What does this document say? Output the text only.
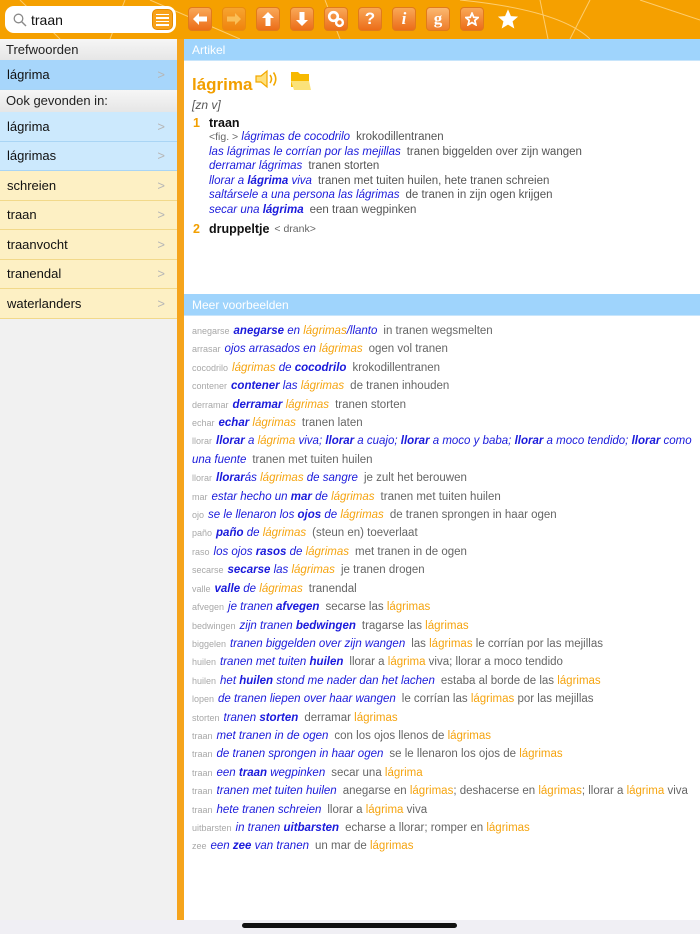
traan
? i g
Trefwoorden
lágrima	>
Ook gevonden in:
lágrima	>
lágrimas	>
schreien	>
traan	>
traanvocht	>
tranendal	>
waterlanders	>
Artikel
lágrima
[zn v]
1 traan
<fig. > lágrimas de cocodrilo krokodillentranen
las lágrimas le corrían por las mejillas tranen biggelden over zijn wangen
derramar lágrimas tranen storten
llorar a lágrima viva tranen met tuiten huilen, hete tranen schreien
saltársele a una persona las lágrimas de tranen in zijn ogen krijgen
secar una lágrima een traan wegpinken
2 druppeltje < drank>
Meer voorbeelden
anegarse anegarse en lágrimas/llanto in tranen wegsmelten
arrasar ojos arrasados en lágrimas ogen vol tranen
cocodrilo lágrimas de cocodrilo krokodillentranen
contener contener las lágrimas de tranen inhouden
derramar derramar lágrimas tranen storten
echar echar lágrimas tranen laten
llorar llorar a lágrima viva; llorar a cuajo; llorar a moco y baba; llorar a moco tendido; llorar como una fuente tranen met tuiten huilen
llorar llorarás lágrimas de sangre je zult het berouwen
mar estar hecho un mar de lágrimas tranen met tuiten huilen
ojo se le llenaron los ojos de lágrimas de tranen sprongen in haar ogen
paño paño de lágrimas (steun en) toeverlaat
raso los ojos rasos de lágrimas met tranen in de ogen
secarse secarse las lágrimas je tranen drogen
valle valle de lágrimas tranendal
afvegen je tranen afvegen secarse las lágrimas
bedwingen zijn tranen bedwingen tragarse las lágrimas
biggelen tranen biggelden over zijn wangen las lágrimas le corrían por las mejillas
huilen tranen met tuiten huilen llorar a lágrima viva; llorar a moco tendido
huilen het huilen stond me nader dan het lachen estaba al borde de las lágrimas
lopen de tranen liepen over haar wangen le corrían las lágrimas por las mejillas
storten tranen storten derramar lágrimas
traan met tranen in de ogen con los ojos llenos de lágrimas
traan de tranen sprongen in haar ogen se le llenaron los ojos de lágrimas
traan een traan wegpinken secar una lágrima
traan tranen met tuiten huilen anegarse en lágrimas; deshacerse en lágrimas; llorar a lágrima viva
traan hete tranen schreien llorar a lágrima viva
uitbarsten in tranen uitbarsten echarse a llorar; romper en lágrimas
zee een zee van tranen un mar de lágrimas
